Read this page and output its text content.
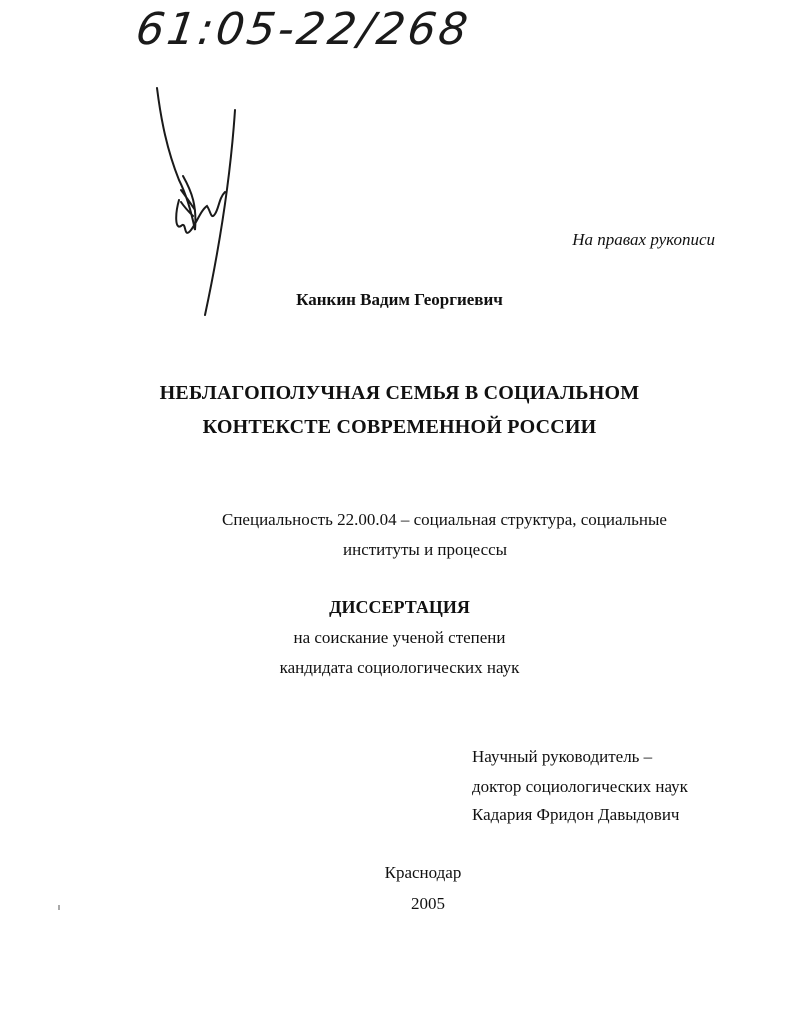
61:05-22/268
На правах рукописи
Канкин Вадим Георгиевич
НЕБЛАГОПОЛУЧНАЯ СЕМЬЯ В СОЦИАЛЬНОМ
КОНТЕКСТЕ СОВРЕМЕННОЙ РОССИИ
Специальность 22.00.04 – социальная структура, социальные
институты и процессы
ДИССЕРТАЦИЯ
на соискание ученой степени
кандидата социологических наук
Научный руководитель –
доктор социологических наук
Кадария Фридон Давыдович
Краснодар
2005
